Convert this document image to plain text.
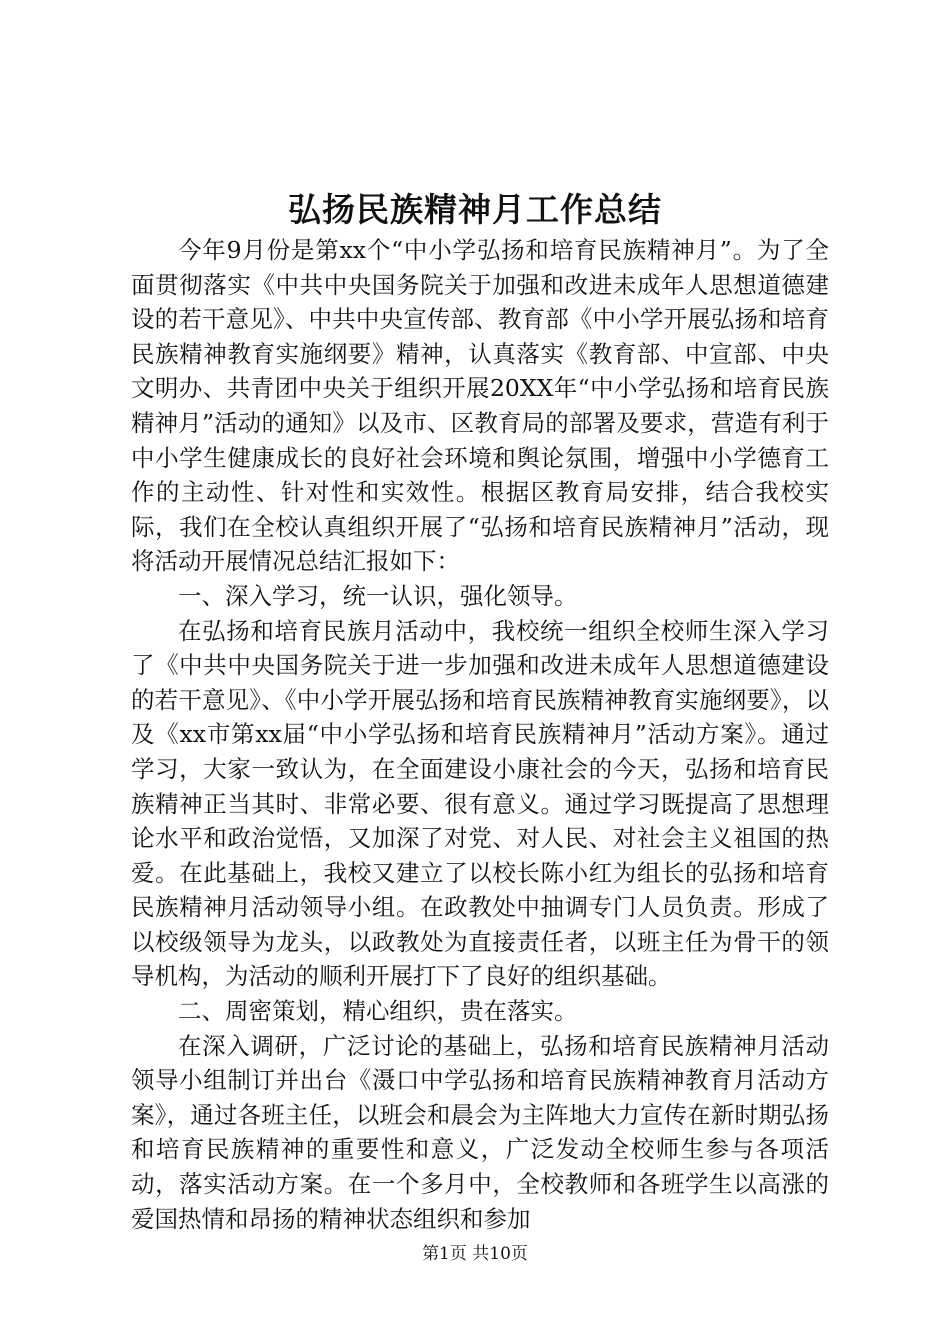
弘扬民族精神月工作总结

今年9月份是第xx个“中小学弘扬和培育民族精神月”。为了全面贯彻落实《中共中央国务院关于加强和改进未成年人思想道德建设的若干意见》、中共中央宣传部、教育部《中小学开展弘扬和培育民族精神教育实施纲要》精神，认真落实《教育部、中宣部、中央文明办、共青团中央关于组织开展20XX年“中小学弘扬和培育民族精神月”活动的通知》以及市、区教育局的部署及要求，营造有利于中小学生健康成长的良好社会环境和舆论氛围，增强中小学德育工作的主动性、针对性和实效性。根据区教育局安排，结合我校实际，我们在全校认真组织开展了“弘扬和培育民族精神月”活动，现将活动开展情况总结汇报如下：

一、深入学习，统一认识，强化领导。

在弘扬和培育民族月活动中，我校统一组织全校师生深入学习了《中共中央国务院关于进一步加强和改进未成年人思想道德建设的若干意见》、《中小学开展弘扬和培育民族精神教育实施纲要》，以及《xx市第xx届“中小学弘扬和培育民族精神月”活动方案》。通过学习，大家一致认为，在全面建设小康社会的今天，弘扬和培育民族精神正当其时、非常必要、很有意义。通过学习既提高了思想理论水平和政治觉悟，又加深了对党、对人民、对社会主义祖国的热爱。在此基础上，我校又建立了以校长陈小红为组长的弘扬和培育民族精神月活动领导小组。在政教处中抽调专门人员负责。形成了以校级领导为龙头，以政教处为直接责任者，以班主任为骨干的领导机构，为活动的顺利开展打下了良好的组织基础。

二、周密策划，精心组织，贵在落实。

在深入调研，广泛讨论的基础上，弘扬和培育民族精神月活动领导小组制订并出台《滠口中学弘扬和培育民族精神教育月活动方案》，通过各班主任，以班会和晨会为主阵地大力宣传在新时期弘扬和培育民族精神的重要性和意义，广泛发动全校师生参与各项活动，落实活动方案。在一个多月中，全校教师和各班学生以高涨的爱国热情和昂扬的精神状态组织和参加

第1页 共10页
